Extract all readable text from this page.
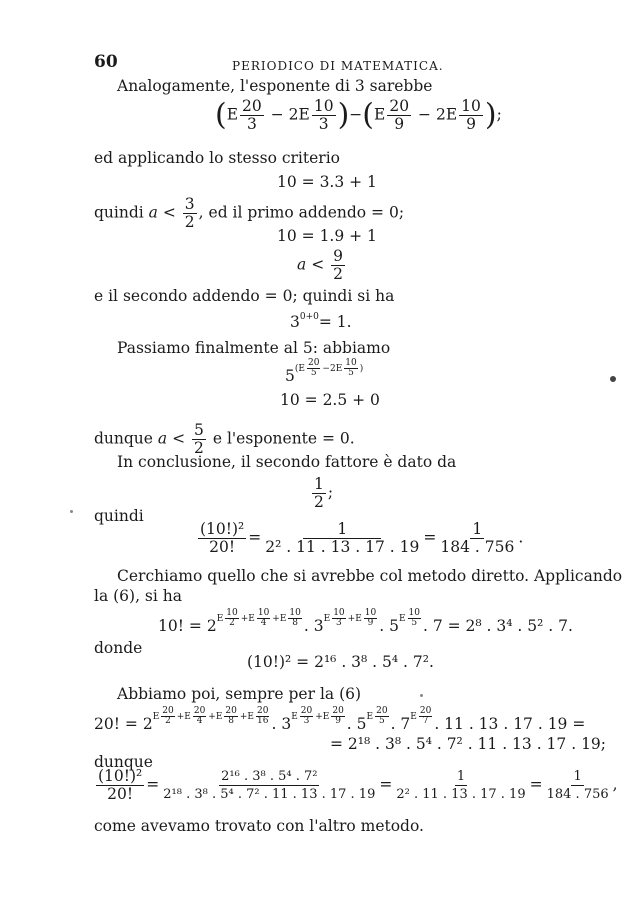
60	PERIODICO DI MATEMATICA.
Analogamente, l'esponente di 3 sarebbe
$(E \frac{20}{3} - 2E \frac{10}{3} )-(E \frac{20}{9} - 2E \frac{10}{9}$ );
ed applicando lo stesso criterio
10 = 3.3 + 1
quindi $a < \frac{3}{2}$ , ed il primo addendo = 0;
10 = 1.9 + 1
$a < \frac{9}{2}$
e il secondo addendo = 0; quindi si ha
$3^{0+0}= 1$.
Passiamo finalmente al 5: abbiamo
$5^{(E \frac{20}{5} -2E \frac{10}{5} )}$
10 = 2.5 + 0
dunque $a < \frac{5}{2}$ e l'esponente = 0.
In conclusione, il secondo fattore è dato da
$\frac{1}{2}$ ;
quindi
$\frac{\text{(10!)²}}{20!} = \frac{1}{\text{2² . 11 . 13 . 17 . 19}} = \frac{1}{184 . 756}$ .
Cerchiamo quello che si avrebbe col metodo diretto. Applicando
la (6), si ha
10! = $2^{E \frac{10}{2} +E \frac{10}{4} +E \frac{10}{8}}$ . $3^{E \frac{10}{3} +E \frac{10}{9}}$ . $5^{E \frac{10}{5}}$ . 7 = 2⁸ . 3⁴ . 5² . 7.
donde
(10!)² = 2¹⁶ . 3⁸ . 5⁴ . 7².
Abbiamo poi, sempre per la (6)
20! = $2^{E \frac{20}{2} +E \frac{20}{4} +E \frac{20}{8} +E \frac{20}{16}}$ . $3^{E \frac{20}{3} +E \frac{20}{9}}$ . $5^{E \frac{20}{5}}$ . $7^{E \frac{20}{7}}$ . 11 . 13 . 17 . 19 =
= 2¹⁸ . 3⁸ . 5⁴ . 7² . 11 . 13 . 17 . 19;
dunque
$\frac{\text{(10!)²}}{20!} = \frac{\text{2¹⁶ . 3⁸ . 5⁴ . 7²}}{\text{2¹⁸ . 3⁸ . 5⁴ . 7² . 11 . 13 . 17 . 19}} = \frac{1}{\text{2² . 11 . 13 . 17 . 19}} = \frac{1}{184 . 756}$ ,
come avevamo trovato con l'altro metodo.
